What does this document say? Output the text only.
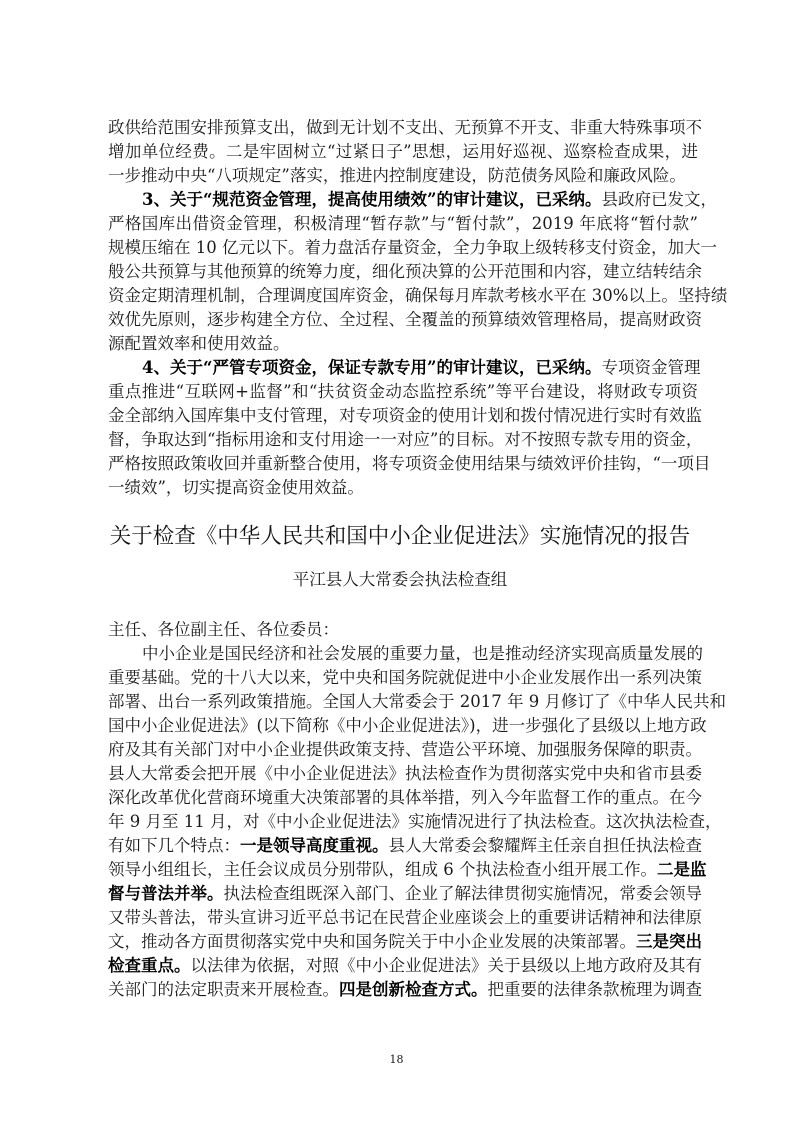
政供给范围安排预算支出，做到无计划不支出、无预算不开支、非重大特殊事项不
增加单位经费。二是牢固树立“过紧日子”思想，运用好巡视、巡察检查成果，进
一步推动中央“八项规定”落实，推进内控制度建设，防范债务风险和廉政风险。
3、关于“规范资金管理，提高使用绩效”的审计建议，已采纳。县政府已发文，
严格国库出借资金管理，积极清理“暂存款”与“暂付款”，2019 年底将“暂付款”
规模压缩在 10 亿元以下。着力盘活存量资金，全力争取上级转移支付资金，加大一
般公共预算与其他预算的统筹力度，细化预决算的公开范围和内容，建立结转结余
资金定期清理机制，合理调度国库资金，确保每月库款考核水平在 30%以上。坚持绩
效优先原则，逐步构建全方位、全过程、全覆盖的预算绩效管理格局，提高财政资
源配置效率和使用效益。
4、关于“严管专项资金，保证专款专用”的审计建议，已采纳。专项资金管理
重点推进“互联网+监督”和“扶贫资金动态监控系统”等平台建设，将财政专项资
金全部纳入国库集中支付管理，对专项资金的使用计划和拨付情况进行实时有效监
督，争取达到“指标用途和支付用途一一对应”的目标。对不按照专款专用的资金，
严格按照政策收回并重新整合使用，将专项资金使用结果与绩效评价挂钩，“一项目
一绩效”，切实提高资金使用效益。
关于检查《中华人民共和国中小企业促进法》实施情况的报告
平江县人大常委会执法检查组
主任、各位副主任、各位委员：
中小企业是国民经济和社会发展的重要力量，也是推动经济实现高质量发展的
重要基础。党的十八大以来，党中央和国务院就促进中小企业发展作出一系列决策
部署、出台一系列政策措施。全国人大常委会于 2017 年 9 月修订了《中华人民共和
国中小企业促进法》(以下简称《中小企业促进法》)，进一步强化了县级以上地方政
府及其有关部门对中小企业提供政策支持、营造公平环境、加强服务保障的职责。
县人大常委会把开展《中小企业促进法》执法检查作为贯彻落实党中央和省市县委
深化改革优化营商环境重大决策部署的具体举措，列入今年监督工作的重点。在今
年 9 月至 11 月，对《中小企业促进法》实施情况进行了执法检查。这次执法检查，
有如下几个特点：一是领导高度重视。县人大常委会黎耀辉主任亲自担任执法检查
领导小组组长，主任会议成员分别带队，组成 6 个执法检查小组开展工作。二是监
督与普法并举。执法检查组既深入部门、企业了解法律贯彻实施情况，常委会领导
又带头普法，带头宣讲习近平总书记在民营企业座谈会上的重要讲话精神和法律原
文，推动各方面贯彻落实党中央和国务院关于中小企业发展的决策部署。三是突出
检查重点。以法律为依据，对照《中小企业促进法》关于县级以上地方政府及其有
关部门的法定职责来开展检查。四是创新检查方式。把重要的法律条款梳理为调查
18
